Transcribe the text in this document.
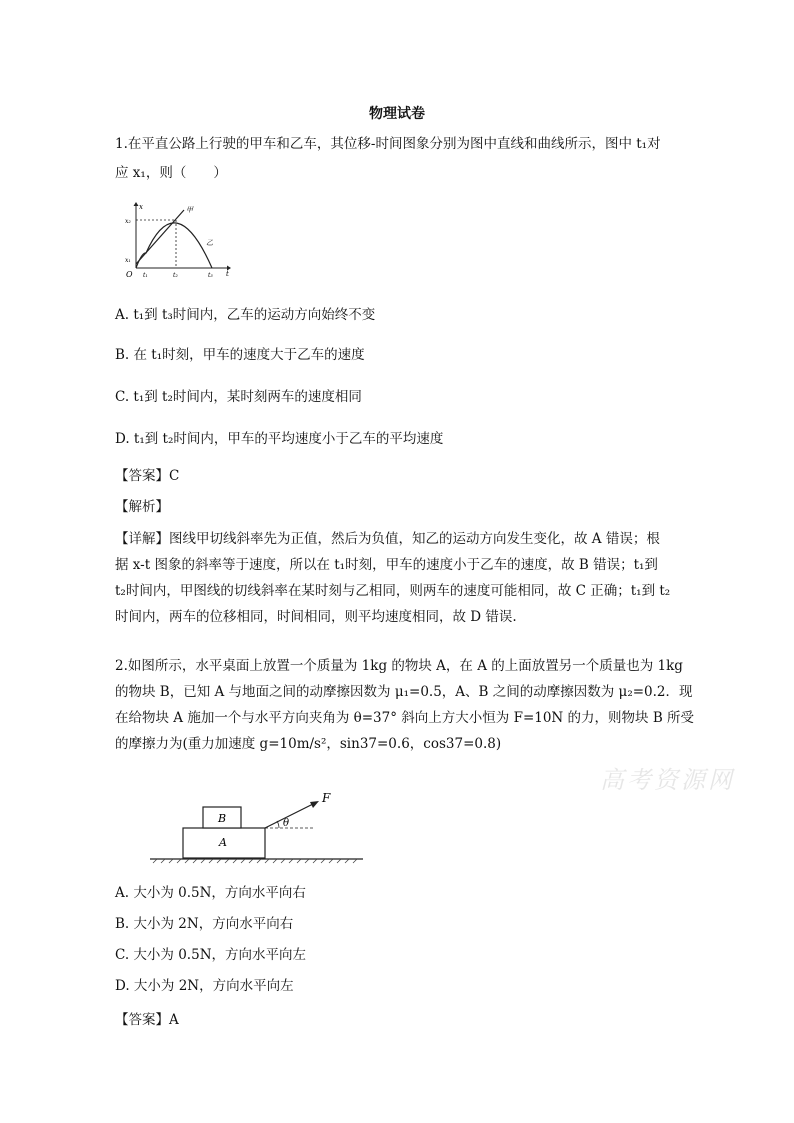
物理试卷
1.在平直公路上行驶的甲车和乙车，其位移-时间图象分别为图中直线和曲线所示，图中 t₁对
应 x₁，则（　　）
x
t
O
x₂
x₁
t₁	t₂	t₃
甲
乙
A. t₁到 t₃时间内，乙车的运动方向始终不变
B. 在 t₁时刻，甲车的速度大于乙车的速度
C. t₁到 t₂时间内，某时刻两车的速度相同
D. t₁到 t₂时间内，甲车的平均速度小于乙车的平均速度
【答案】C
【解析】
【详解】图线甲切线斜率先为正值，然后为负值，知乙的运动方向发生变化，故 A 错误；根
据 x-t 图象的斜率等于速度，所以在 t₁时刻，甲车的速度小于乙车的速度，故 B 错误；t₁到
t₂时间内，甲图线的切线斜率在某时刻与乙相同，则两车的速度可能相同，故 C 正确；t₁到 t₂
时间内，两车的位移相同，时间相同，则平均速度相同，故 D 错误.
2.如图所示，水平桌面上放置一个质量为 1kg 的物块 A，在 A 的上面放置另一个质量也为 1kg
的物块 B，已知 A 与地面之间的动摩擦因数为 μ₁=0.5，A、B 之间的动摩擦因数为 μ₂=0.2．现
在给物块 A 施加一个与水平方向夹角为 θ=37° 斜向上方大小恒为 F=10N 的力，则物块 B 所受
的摩擦力为(重力加速度 g=10m/s²，sin37=0.6，cos37=0.8)
高考资源网
A
B
F
θ
A. 大小为 0.5N，方向水平向右
B. 大小为 2N，方向水平向右
C. 大小为 0.5N，方向水平向左
D. 大小为 2N，方向水平向左
【答案】A
